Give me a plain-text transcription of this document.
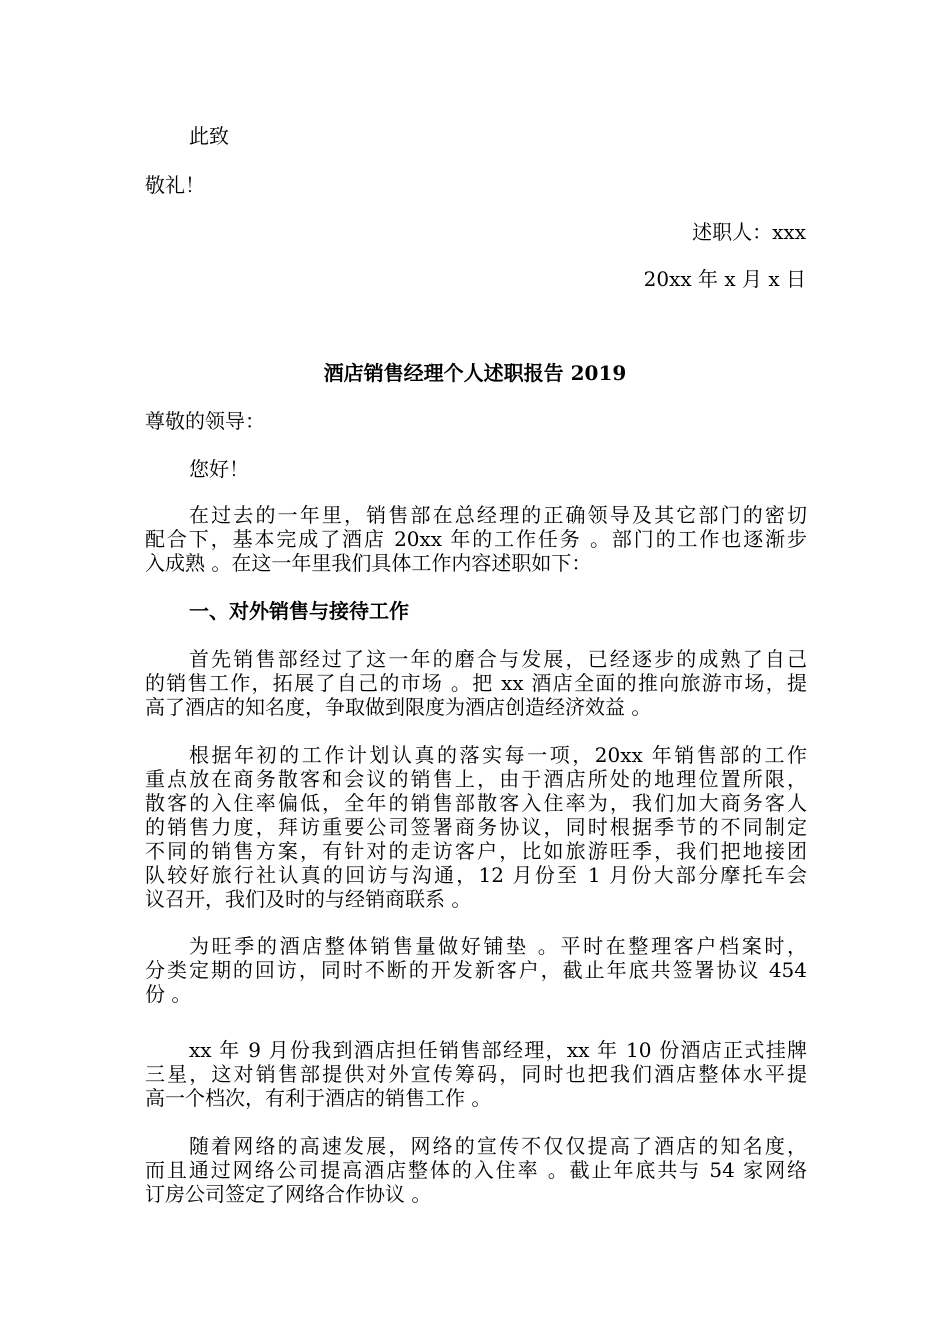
此致
敬礼！
述职人：xxx
20xx 年 x 月 x 日
酒店销售经理个人述职报告 2019
尊敬的领导：
您好！
在过去的一年里，销售部在总经理的正确领导及其它部门的密切
配合下，基本完成了酒店 20xx 年的工作任务 。部门的工作也逐渐步
入成熟 。在这一年里我们具体工作内容述职如下：
一、对外销售与接待工作
首先销售部经过了这一年的磨合与发展，已经逐步的成熟了自己
的销售工作，拓展了自己的市场 。把 xx 酒店全面的推向旅游市场，提
高了酒店的知名度，争取做到限度为酒店创造经济效益 。
根据年初的工作计划认真的落实每一项，20xx 年销售部的工作
重点放在商务散客和会议的销售上，由于酒店所处的地理位置所限，
散客的入住率偏低，全年的销售部散客入住率为，我们加大商务客人
的销售力度，拜访重要公司签署商务协议，同时根据季节的不同制定
不同的销售方案，有针对的走访客户，比如旅游旺季，我们把地接团
队较好旅行社认真的回访与沟通，12 月份至 1 月份大部分摩托车会
议召开，我们及时的与经销商联系 。
为旺季的酒店整体销售量做好铺垫 。平时在整理客户档案时，
分类定期的回访，同时不断的开发新客户，截止年底共签署协议 454
份 。
xx 年 9 月份我到酒店担任销售部经理，xx 年 10 份酒店正式挂牌
三星，这对销售部提供对外宣传筹码，同时也把我们酒店整体水平提
高一个档次，有利于酒店的销售工作 。
随着网络的高速发展，网络的宣传不仅仅提高了酒店的知名度，
而且通过网络公司提高酒店整体的入住率 。截止年底共与 54 家网络
订房公司签定了网络合作协议 。
